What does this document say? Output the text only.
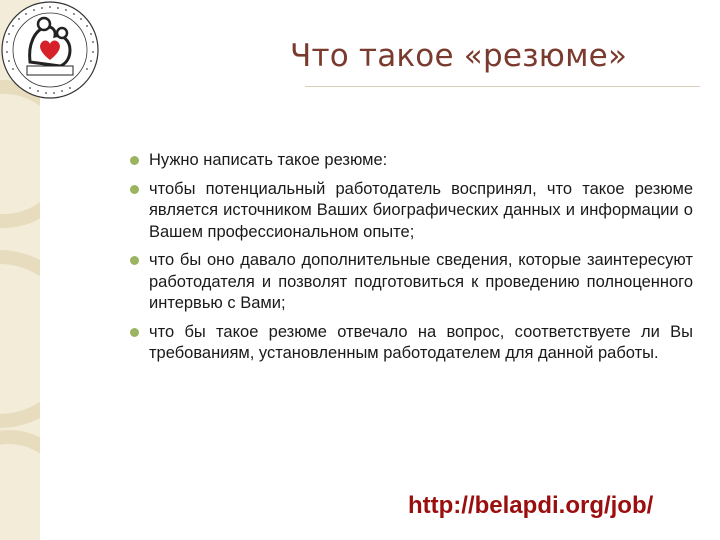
Что такое «резюме»
Нужно написать такое резюме:
чтобы потенциальный работодатель воспринял, что такое резюме является источником Ваших биографических данных и информации о Вашем профессиональном опыте;
что бы оно давало дополнительные сведения, которые заинтересуют работодателя и позволят подготовиться к проведению полноценного интервью с Вами;
что бы такое резюме отвечало на вопрос, соответствуете ли Вы требованиям, установленным работодателем для данной работы.
http://belapdi.org/job/
